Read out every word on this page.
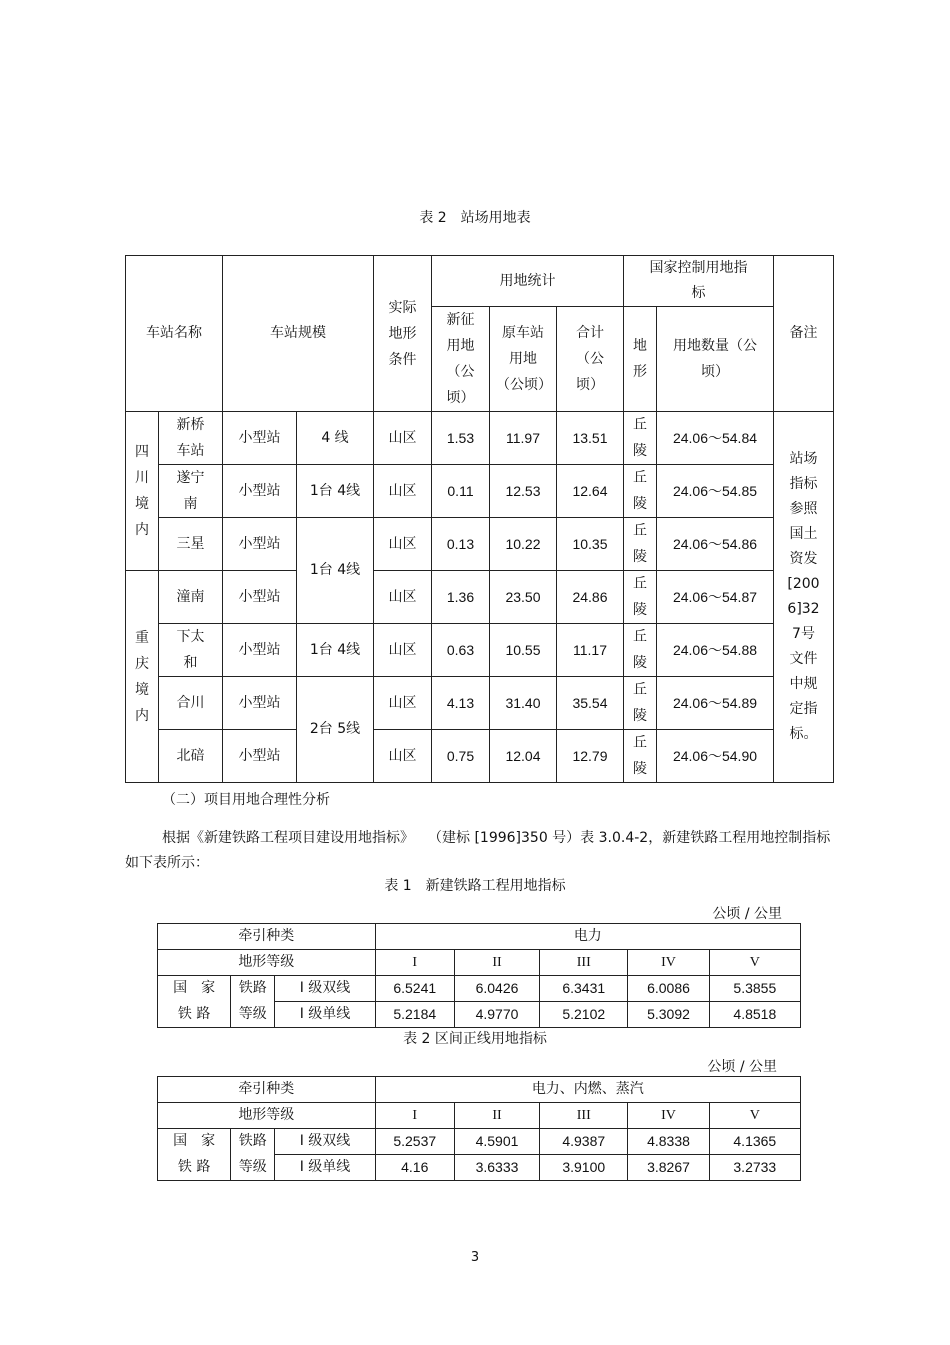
表 2　站场用地表
车站名称		车站规模		实际地形条件	用地统计			国家控制用地指标		备注

					新征用地（公顷）	原车站用地（公顷）	合计（公顷）	地形	用地数量（公顷）	

四川境内	新桥车站	小型站	4 线	山区	1.53	11.97	13.51	丘陵	24.06～54.84	站场指标参照国土资发[2006]327号文件中规定指标。

	遂宁南	小型站	1台 4线	山区	0.11	12.53	12.64	丘陵	24.06～54.85	

	三星	小型站	1台 4线	山区	0.13	10.22	10.35	丘陵	24.06～54.86	

重庆境内	潼南	小型站		山区	1.36	23.50	24.86	丘陵	24.06～54.87	

	下太和	小型站	1台 4线	山区	0.63	10.55	11.17	丘陵	24.06～54.88	

	合川	小型站	2台 5线	山区	4.13	31.40	35.54	丘陵	24.06～54.89	

	北碚	小型站		山区	0.75	12.04	12.79	丘陵	24.06～54.90	
（二）项目用地合理性分析
根据《新建铁路工程项目建设用地指标》　　（建标 [1996]350 号）表 3.0.4-2，新建铁路工程用地控制指标如下表所示：
表 1　新建铁路工程用地指标
公顷 / 公里
牵引种类			电力				
地形等级			I	II	III	IV	V
国　家	铁路	I 级双线	6.5241	6.0426	6.3431	6.0086	5.3855
铁 路	等级	I 级单线	5.2184	4.9770	5.2102	5.3092	4.8518
表 2 区间正线用地指标
公顷 / 公里
牵引种类			电力、内燃、蒸汽				
地形等级			I	II	III	IV	V
国　家	铁路	I 级双线	5.2537	4.5901	4.9387	4.8338	4.1365
铁 路	等级	I 级单线	4.16	3.6333	3.9100	3.8267	3.2733
3
